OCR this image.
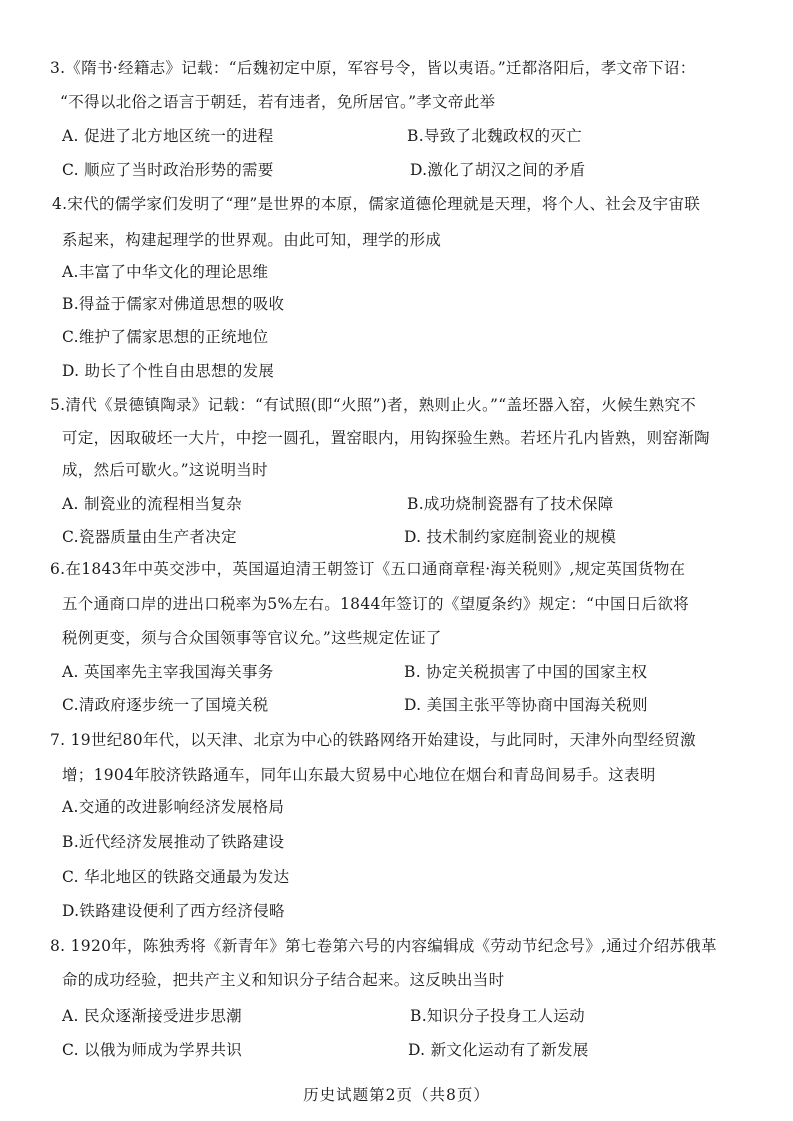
3.《隋书·经籍志》记载：“后魏初定中原，军容号令，皆以夷语。”迁都洛阳后，孝文帝下诏：
“不得以北俗之语言于朝廷，若有违者，免所居官。”孝文帝此举
A. 促进了北方地区统一的进程	B.导致了北魏政权的灭亡
C. 顺应了当时政治形势的需要	D.激化了胡汉之间的矛盾
4.宋代的儒学家们发明了“理”是世界的本原，儒家道德伦理就是天理，将个人、社会及宇宙联
系起来，构建起理学的世界观。由此可知，理学的形成
A.丰富了中华文化的理论思维
B.得益于儒家对佛道思想的吸收
C.维护了儒家思想的正统地位
D. 助长了个性自由思想的发展
5.清代《景德镇陶录》记载：“有试照(即“火照”)者，熟则止火。”“盖坯器入窑，火候生熟究不
可定，因取破坯一大片，中挖一圆孔，置窑眼内，用钩探验生熟。若坯片孔内皆熟，则窑渐陶
成，然后可歇火。”这说明当时
A. 制瓷业的流程相当复杂	B.成功烧制瓷器有了技术保障
C.瓷器质量由生产者决定	D. 技术制约家庭制瓷业的规模
6.在1843年中英交涉中，英国逼迫清王朝签订《五口通商章程·海关税则》,规定英国货物在
五个通商口岸的进出口税率为5%左右。1844年签订的《望厦条约》规定：“中国日后欲将
税例更变，须与合众国领事等官议允。”这些规定佐证了
A. 英国率先主宰我国海关事务	B. 协定关税损害了中国的国家主权
C.清政府逐步统一了国境关税	D. 美国主张平等协商中国海关税则
7. 19世纪80年代，以天津、北京为中心的铁路网络开始建设，与此同时，天津外向型经贸激
增；1904年胶济铁路通车，同年山东最大贸易中心地位在烟台和青岛间易手。这表明
A.交通的改进影响经济发展格局
B.近代经济发展推动了铁路建设
C. 华北地区的铁路交通最为发达
D.铁路建设便利了西方经济侵略
8. 1920年，陈独秀将《新青年》第七卷第六号的内容编辑成《劳动节纪念号》,通过介绍苏俄革
命的成功经验，把共产主义和知识分子结合起来。这反映出当时
A. 民众逐渐接受进步思潮	B.知识分子投身工人运动
C. 以俄为师成为学界共识	D. 新文化运动有了新发展
历史试题第2页（共8页）
